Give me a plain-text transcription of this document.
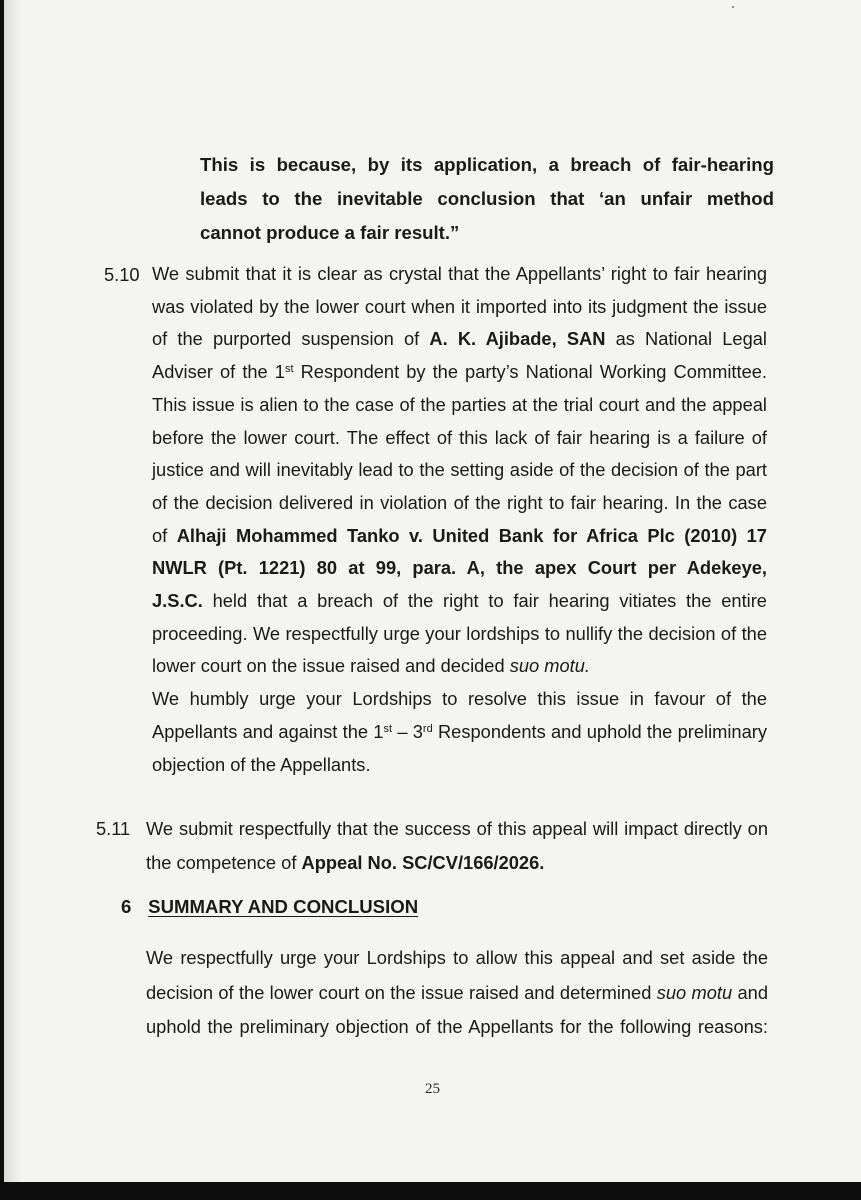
This is because, by its application, a breach of fair-hearing
leads to the inevitable conclusion that ‘an unfair method
cannot produce a fair result.”
5.10 We submit that it is clear as crystal that the Appellants’ right to fair hearing
was violated by the lower court when it imported into its judgment the issue
of the purported suspension of A. K. Ajibade, SAN as National Legal
Adviser of the 1st Respondent by the party’s National Working Committee.
This issue is alien to the case of the parties at the trial court and the appeal
before the lower court. The effect of this lack of fair hearing is a failure of
justice and will inevitably lead to the setting aside of the decision of the part
of the decision delivered in violation of the right to fair hearing. In the case
of Alhaji Mohammed Tanko v. United Bank for Africa Plc (2010) 17
NWLR (Pt. 1221) 80 at 99, para. A, the apex Court per Adekeye,
J.S.C. held that a breach of the right to fair hearing vitiates the entire
proceeding. We respectfully urge your lordships to nullify the decision of the
lower court on the issue raised and decided suo motu.
We humbly urge your Lordships to resolve this issue in favour of the
Appellants and against the 1st – 3rd Respondents and uphold the preliminary
objection of the Appellants.
5.11 We submit respectfully that the success of this appeal will impact directly on
the competence of Appeal No. SC/CV/166/2026.
6 SUMMARY AND CONCLUSION
We respectfully urge your Lordships to allow this appeal and set aside the
decision of the lower court on the issue raised and determined suo motu and
uphold the preliminary objection of the Appellants for the following reasons:
25
